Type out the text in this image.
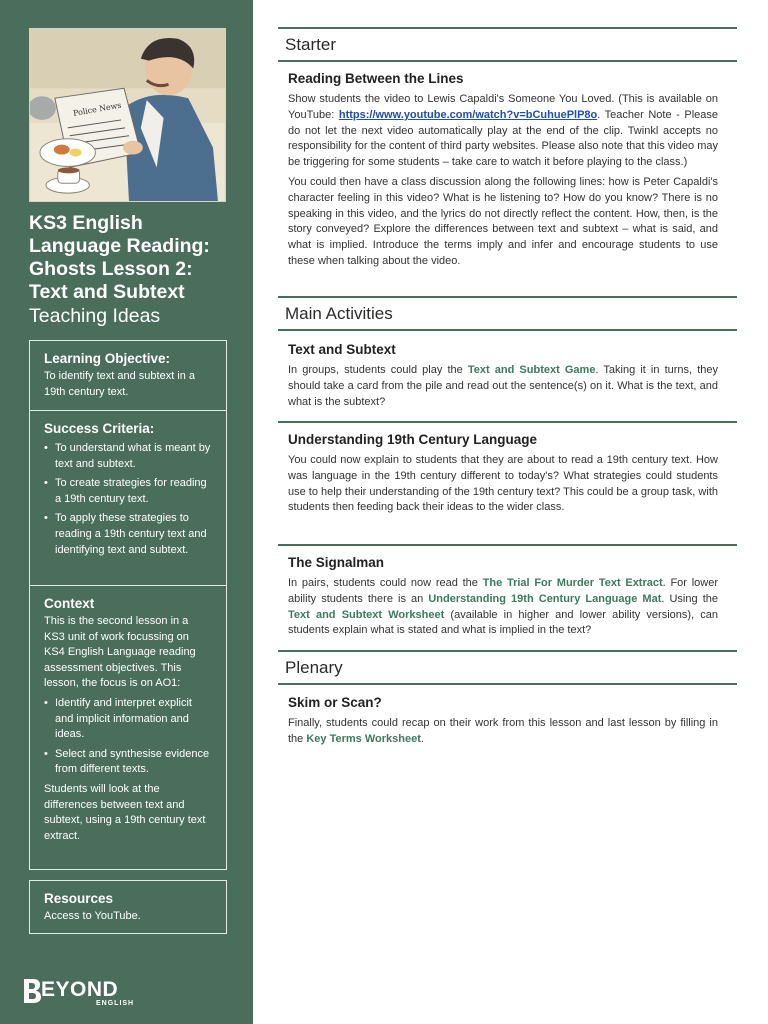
Police News
KS3 English
Language Reading:
Ghosts Lesson 2:
Text and Subtext
Teaching Ideas
Learning Objective:
To identify text and subtext in a 19th century text.
Success Criteria:
• To understand what is meant by text and subtext.
• To create strategies for reading a 19th century text.
• To apply these strategies to reading a 19th century text and identifying text and subtext.
Context
This is the second lesson in a KS3 unit of work focussing on KS4 English Language reading assessment objectives. This lesson, the focus is on AO1:
• Identify and interpret explicit and implicit information and ideas.
• Select and synthesise evidence from different texts.
Students will look at the differences between text and subtext, using a 19th century text extract.
Resources
Access to YouTube.
EYOND
ENGLISH
Starter
Reading Between the Lines

Show students the video to Lewis Capaldi's Someone You Loved. (This is available on YouTube: https://www.youtube.com/watch?v=bCuhuePlP8o. Teacher Note - Please do not let the next video automatically play at the end of the clip. Twinkl accepts no responsibility for the content of third party websites. Please also note that this video may be triggering for some students – take care to watch it before playing to the class.)

You could then have a class discussion along the following lines: how is Peter Capaldi's character feeling in this video? What is he listening to? How do you know? There is no speaking in this video, and the lyrics do not directly reflect the content. How, then, is the story conveyed? Explore the differences between text and subtext – what is said, and what is implied. Introduce the terms imply and infer and encourage students to use these when talking about the video.

Main Activities
Text and Subtext

In groups, students could play the Text and Subtext Game. Taking it in turns, they should take a card from the pile and read out the sentence(s) on it. What is the text, and what is the subtext?

Understanding 19th Century Language

You could now explain to students that they are about to read a 19th century text. How was language in the 19th century different to today's? What strategies could students use to help their understanding of the 19th century text? This could be a group task, with students then feeding back their ideas to the wider class.

The Signalman

In pairs, students could now read the The Trial For Murder Text Extract. For lower ability students there is an Understanding 19th Century Language Mat. Using the Text and Subtext Worksheet (available in higher and lower ability versions), can students explain what is stated and what is implied in the text?

Plenary
Skim or Scan?

Finally, students could recap on their work from this lesson and last lesson by filling in the Key Terms Worksheet.
